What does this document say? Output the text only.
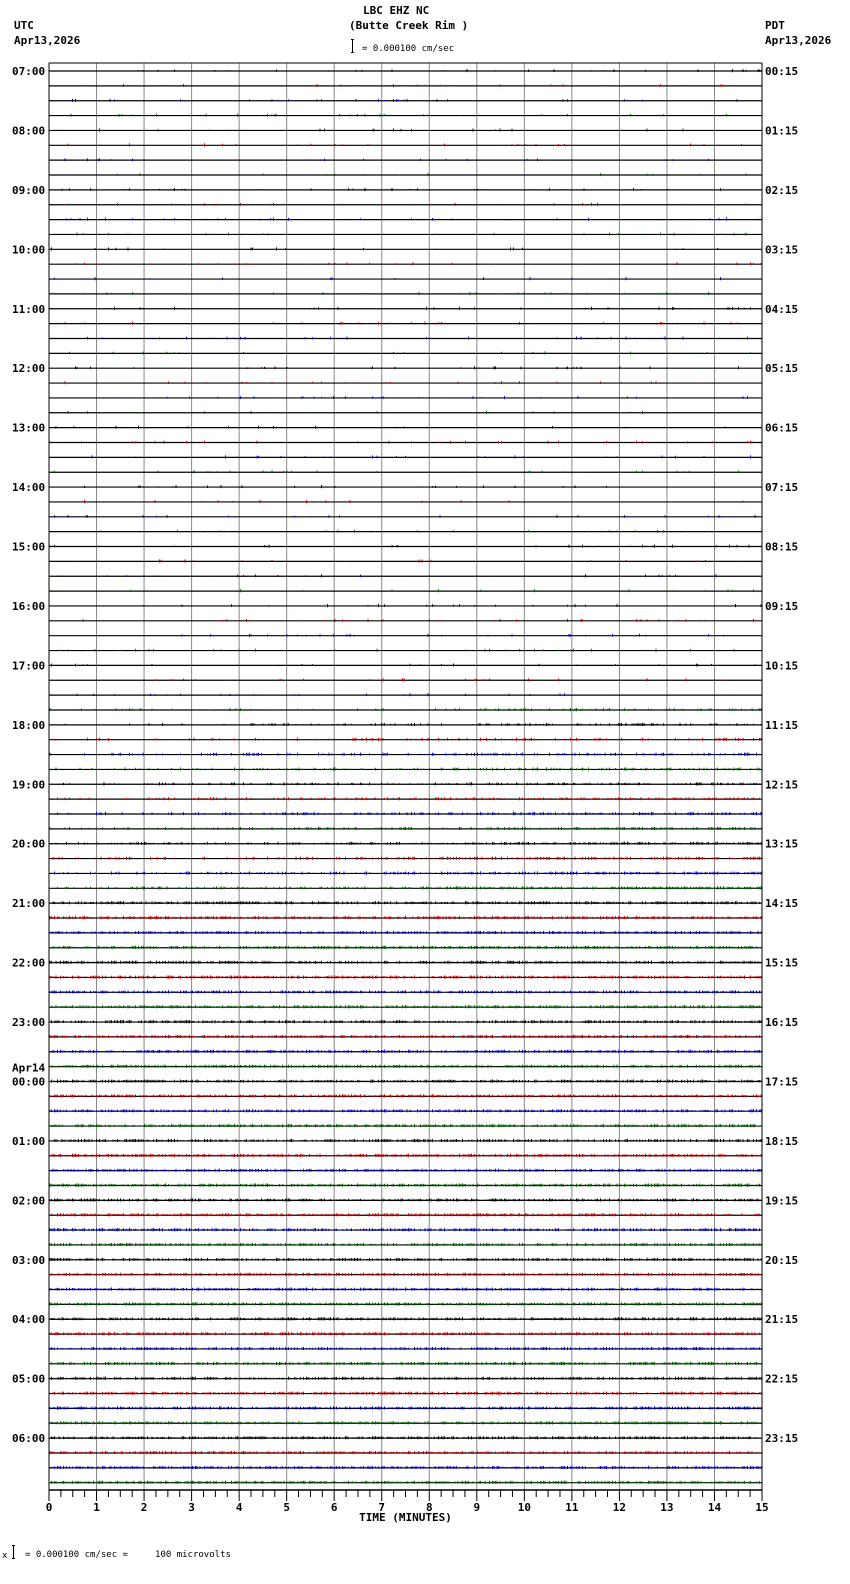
LBC EHZ NC
(Butte Creek Rim )
UTC
Apr13,2026
PDT
Apr13,2026
= 0.000100 cm/sec
07:00
08:00
09:00
10:00
11:00
12:00
13:00
14:00
15:00
16:00
17:00
18:00
19:00
20:00
21:00
22:00
23:00
00:00
Apr14
01:00
02:00
03:00
04:00
05:00
06:00
00:15
01:15
02:15
03:15
04:15
05:15
06:15
07:15
08:15
09:15
10:15
11:15
12:15
13:15
14:15
15:15
16:15
17:15
18:15
19:15
20:15
21:15
22:15
23:15
0	1	2	3	4	5	6	7	8	9	10	11	12	13	14	15
TIME (MINUTES)
x = 0.000100 cm/sec =     100 microvolts
